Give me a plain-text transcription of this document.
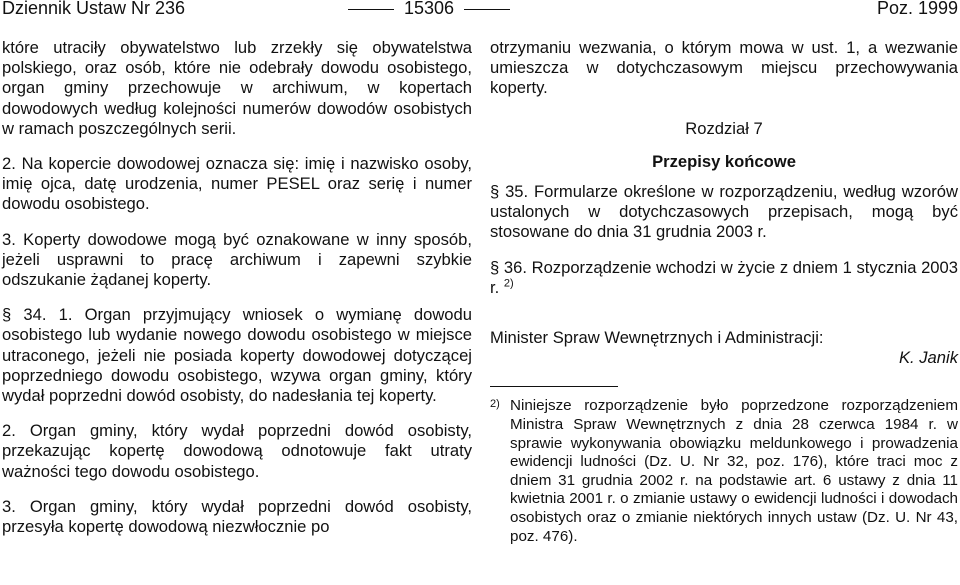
Dziennik Ustaw Nr 236	15306	Poz. 1999

które utraciły obywatelstwo lub zrzekły się obywatelstwa polskiego, oraz osób, które nie odebrały dowodu osobistego, organ gminy przechowuje w archiwum, w kopertach dowodowych według kolejności numerów dowodów osobistych w ramach poszczególnych serii.

2. Na kopercie dowodowej oznacza się: imię i nazwisko osoby, imię ojca, datę urodzenia, numer PESEL oraz serię i numer dowodu osobistego.

3. Koperty dowodowe mogą być oznakowane w inny sposób, jeżeli usprawni to pracę archiwum i zapewni szybkie odszukanie żądanej koperty.

§ 34. 1. Organ przyjmujący wniosek o wymianę dowodu osobistego lub wydanie nowego dowodu osobistego w miejsce utraconego, jeżeli nie posiada koperty dowodowej dotyczącej poprzedniego dowodu osobistego, wzywa organ gminy, który wydał poprzedni dowód osobisty, do nadesłania tej koperty.

2. Organ gminy, który wydał poprzedni dowód osobisty, przekazując kopertę dowodową odnotowuje fakt utraty ważności tego dowodu osobistego.

3. Organ gminy, który wydał poprzedni dowód osobisty, przesyła kopertę dowodową niezwłocznie po

otrzymaniu wezwania, o którym mowa w ust. 1, a wezwanie umieszcza w dotychczasowym miejscu przechowywania koperty.

Rozdział 7

Przepisy końcowe

§ 35. Formularze określone w rozporządzeniu, według wzorów ustalonych w dotychczasowych przepisach, mogą być stosowane do dnia 31 grudnia 2003 r.

§ 36. Rozporządzenie wchodzi w życie z dniem 1 stycznia 2003 r. $^{2)}$

Minister Spraw Wewnętrznych i Administracji:

K. Janik

2) Niniejsze rozporządzenie było poprzedzone rozporządzeniem Ministra Spraw Wewnętrznych z dnia 28 czerwca 1984 r. w sprawie wykonywania obowiązku meldunkowego i prowadzenia ewidencji ludności (Dz. U. Nr 32, poz. 176), które traci moc z dniem 31 grudnia 2002 r. na podstawie art. 6 ustawy z dnia 11 kwietnia 2001 r. o zmianie ustawy o ewidencji ludności i dowodach osobistych oraz o zmianie niektórych innych ustaw (Dz. U. Nr 43, poz. 476).
